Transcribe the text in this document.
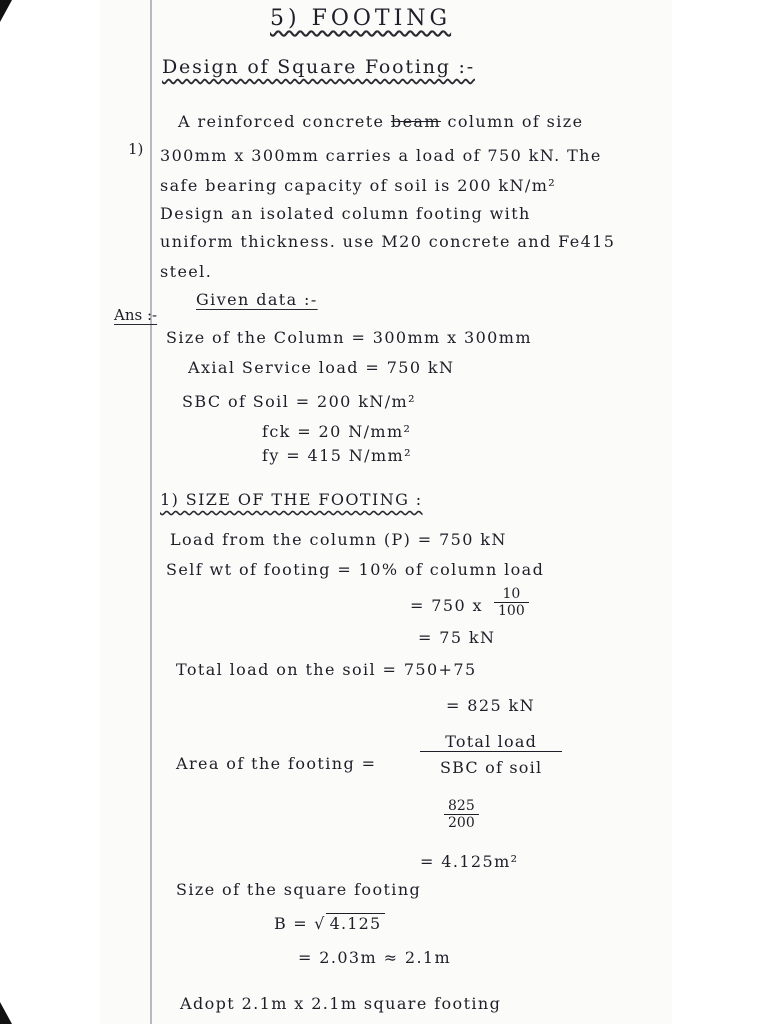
5) FOOTING
Design of Square Footing :-
1)
A reinforced concrete beam column of size
300mm x 300mm carries a load of 750 kN. The
safe bearing capacity of soil is 200 kN/m²
Design an isolated column footing with
uniform thickness. use M20 concrete and Fe415
steel.
Ans :-
Given data :-
Size of the Column = 300mm x 300mm
Axial Service load = 750 kN
SBC of Soil = 200 kN/m²
fck = 20 N/mm²
fy = 415 N/mm²
1) SIZE OF THE FOOTING :
Load from the column (P) = 750 kN
Self wt of footing = 10% of column load
= 750 x $\frac{10}{100}$
= 75 kN
Total load on the soil = 750+75
= 825 kN
Area of the footing =
Total load
SBC of soil
$\frac{825}{200}$
= 4.125m²
Size of the square footing
B = √ 4.125
= 2.03m ≈ 2.1m
Adopt 2.1m x 2.1m square footing
